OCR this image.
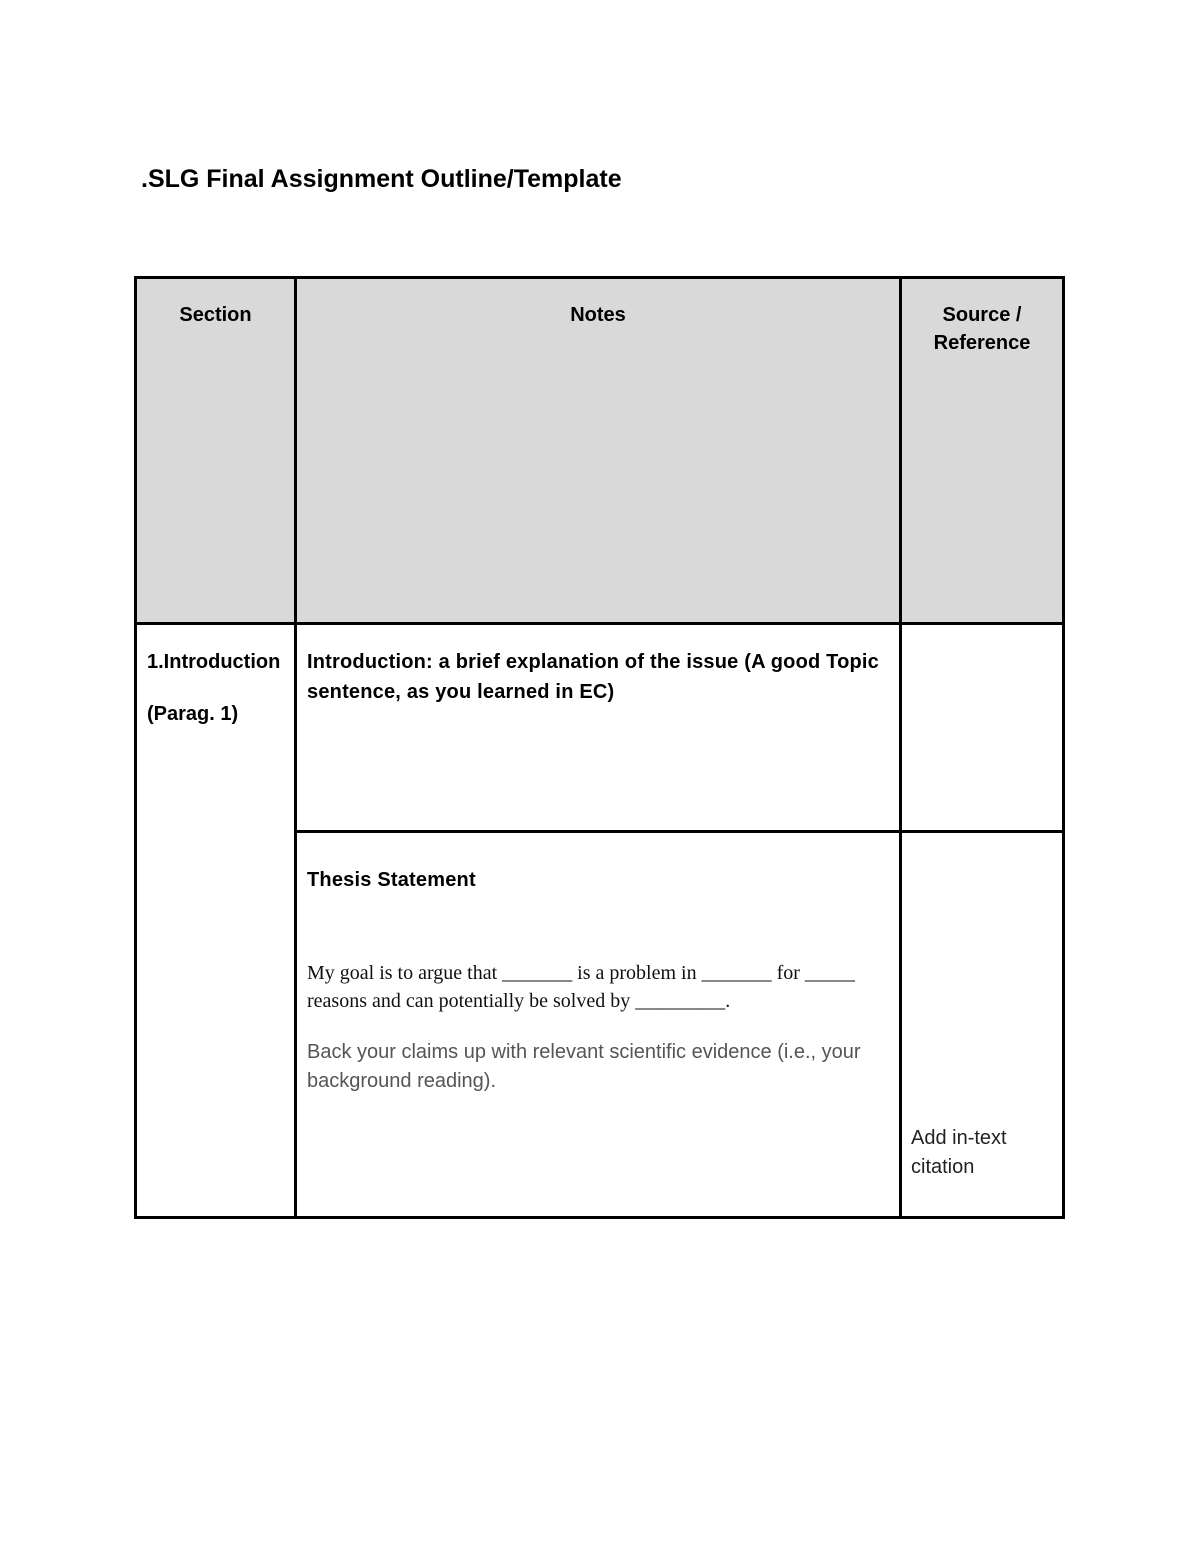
.SLG Final Assignment Outline/Template
Section	Notes	Source / Reference

1.Introduction
(Parag. 1)	Introduction: a brief explanation of the issue (A good Topic sentence, as you learned in EC)	

	Thesis Statement
My goal is to argue that _______ is a problem in _______ for _____ reasons and can potentially be solved by _________.
Back your claims up with relevant scientific evidence (i.e., your background reading).	Add in-text citation
